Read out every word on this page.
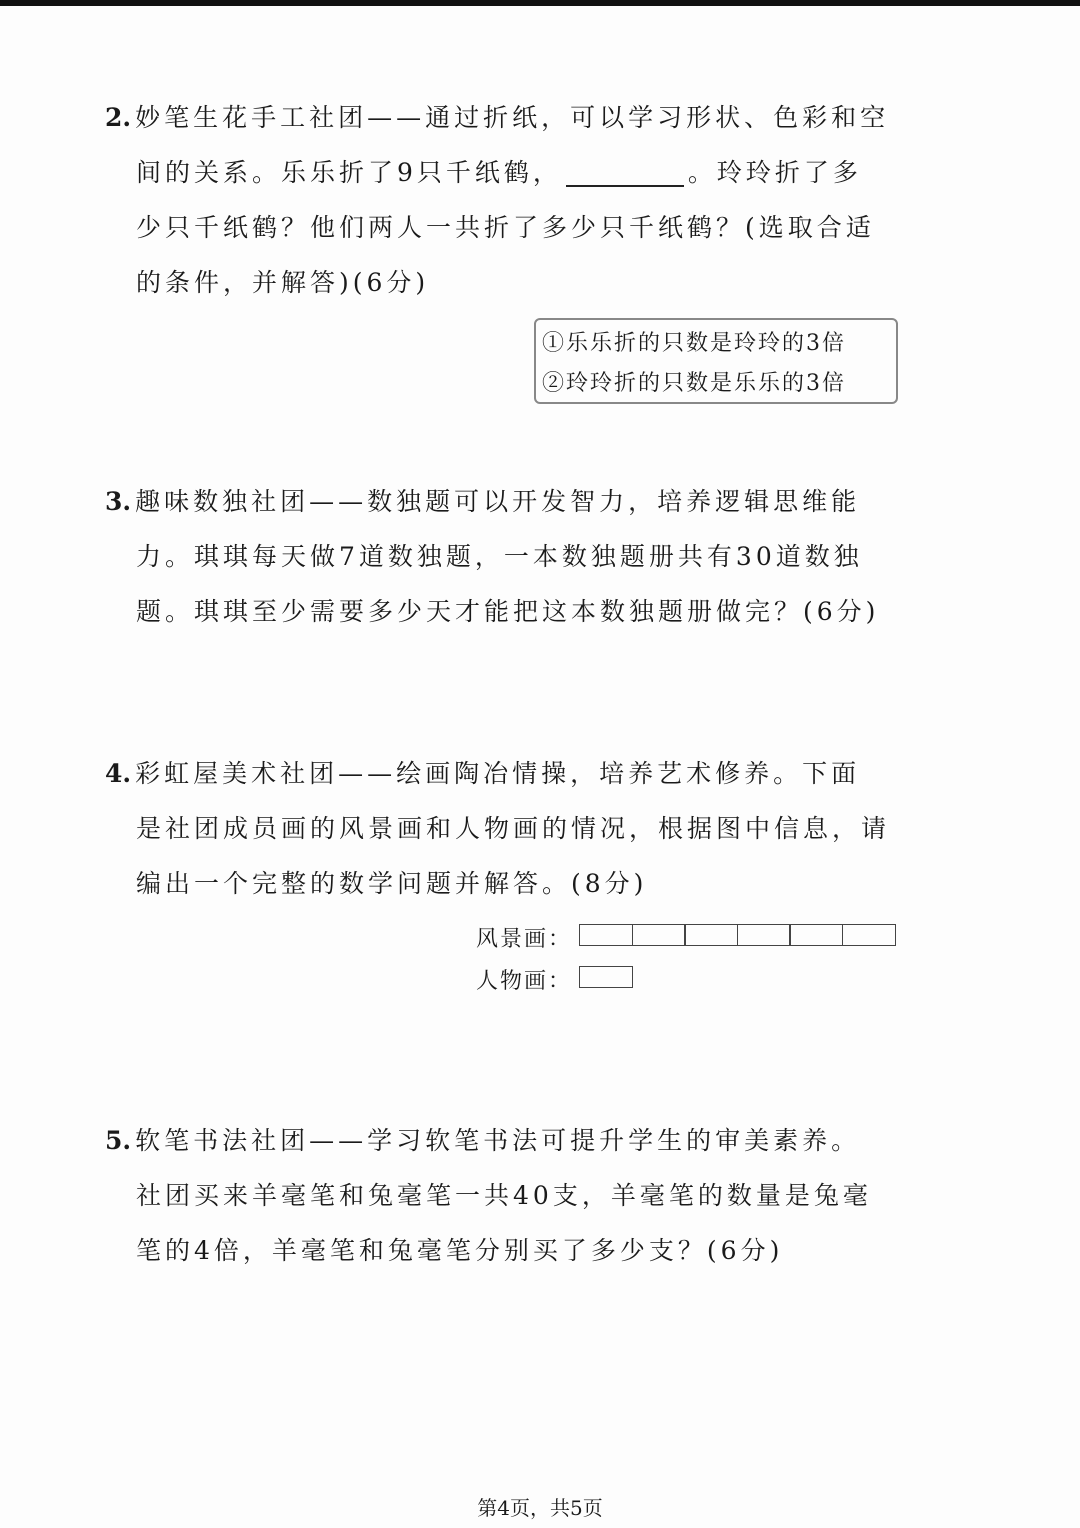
2. 妙笔生花手工社团——通过折纸，可以学习形状、色彩和空
间的关系。乐乐折了9只千纸鹤，	。玲玲折了多
少只千纸鹤？他们两人一共折了多少只千纸鹤？(选取合适
的条件，并解答)(6分)
①乐乐折的只数是玲玲的3倍
②玲玲折的只数是乐乐的3倍
3. 趣味数独社团——数独题可以开发智力，培养逻辑思维能
力。琪琪每天做7道数独题，一本数独题册共有30道数独
题。琪琪至少需要多少天才能把这本数独题册做完？(6分)
4. 彩虹屋美术社团——绘画陶冶情操，培养艺术修养。下面
是社团成员画的风景画和人物画的情况，根据图中信息，请
编出一个完整的数学问题并解答。(8分)
风景画：
人物画：
5. 软笔书法社团——学习软笔书法可提升学生的审美素养。
社团买来羊毫笔和兔毫笔一共40支，羊毫笔的数量是兔毫
笔的4倍，羊毫笔和兔毫笔分别买了多少支？(6分)
第4页，共5页
